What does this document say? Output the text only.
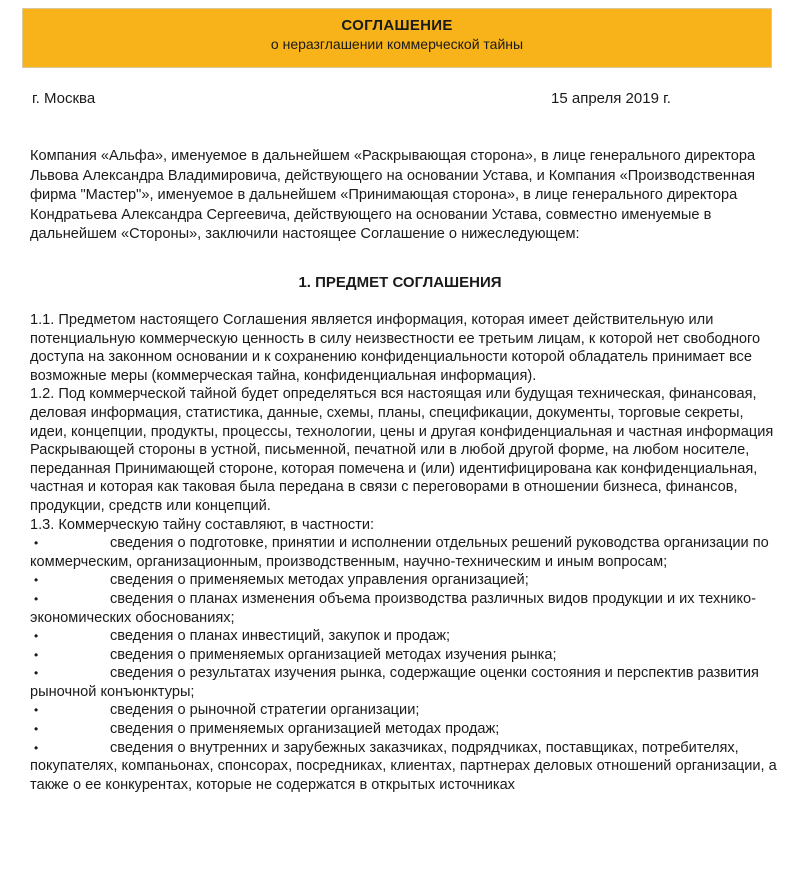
СОГЛАШЕНИЕ
о неразглашении коммерческой тайны
г. Москва	15 апреля 2019 г.

Компания «Альфа», именуемое в дальнейшем «Раскрывающая сторона», в лице генерального директора Львова Александра Владимировича, действующего на основании Устава, и Компания «Производственная фирма "Мастер"», именуемое в дальнейшем «Принимающая сторона», в лице генерального директора Кондратьева Александра Сергеевича, действующего на основании Устава, совместно именуемые в дальнейшем «Стороны», заключили настоящее Соглашение о нижеследующем:

1. ПРЕДМЕТ СОГЛАШЕНИЯ

1.1. Предметом настоящего Соглашения является информация, которая имеет действительную или потенциальную коммерческую ценность в силу неизвестности ее третьим лицам, к которой нет свободного доступа на законном основании и к сохранению конфиденциальности которой обладатель принимает все возможные меры (коммерческая тайна, конфиденциальная информация).

1.2. Под коммерческой тайной будет определяться вся настоящая или будущая техническая, финансовая, деловая информация, статистика, данные, схемы, планы, спецификации, документы, торговые секреты, идеи, концепции, продукты, процессы, технологии, цены и другая конфиденциальная и частная информация Раскрывающей стороны в устной, письменной, печатной или в любой другой форме, на любом носителе, переданная Принимающей стороне, которая помечена и (или) идентифицирована как конфиденциальная, частная и которая как таковая была передана в связи с переговорами в отношении бизнеса, финансов, продукции, средств или концепций.

1.3. Коммерческую тайну составляют, в частности:

•	сведения о подготовке, принятии и исполнении отдельных решений руководства организации по коммерческим, организационным, производственным, научно-техническим и иным вопросам;
•	сведения о применяемых методах управления организацией;
•	сведения о планах изменения объема производства различных видов продукции и их технико-экономических обоснованиях;
•	сведения о планах инвестиций, закупок и продаж;
•	сведения о применяемых организацией методах изучения рынка;
•	сведения о результатах изучения рынка, содержащие оценки состояния и перспектив развития рыночной конъюнктуры;
•	сведения о рыночной стратегии организации;
•	сведения о применяемых организацией методах продаж;
•	сведения о внутренних и зарубежных заказчиках, подрядчиках, поставщиках, потребителях, покупателях, компаньонах, спонсорах, посредниках, клиентах, партнерах деловых отношений организации, а также о ее конкурентах, которые не содержатся в открытых источниках
